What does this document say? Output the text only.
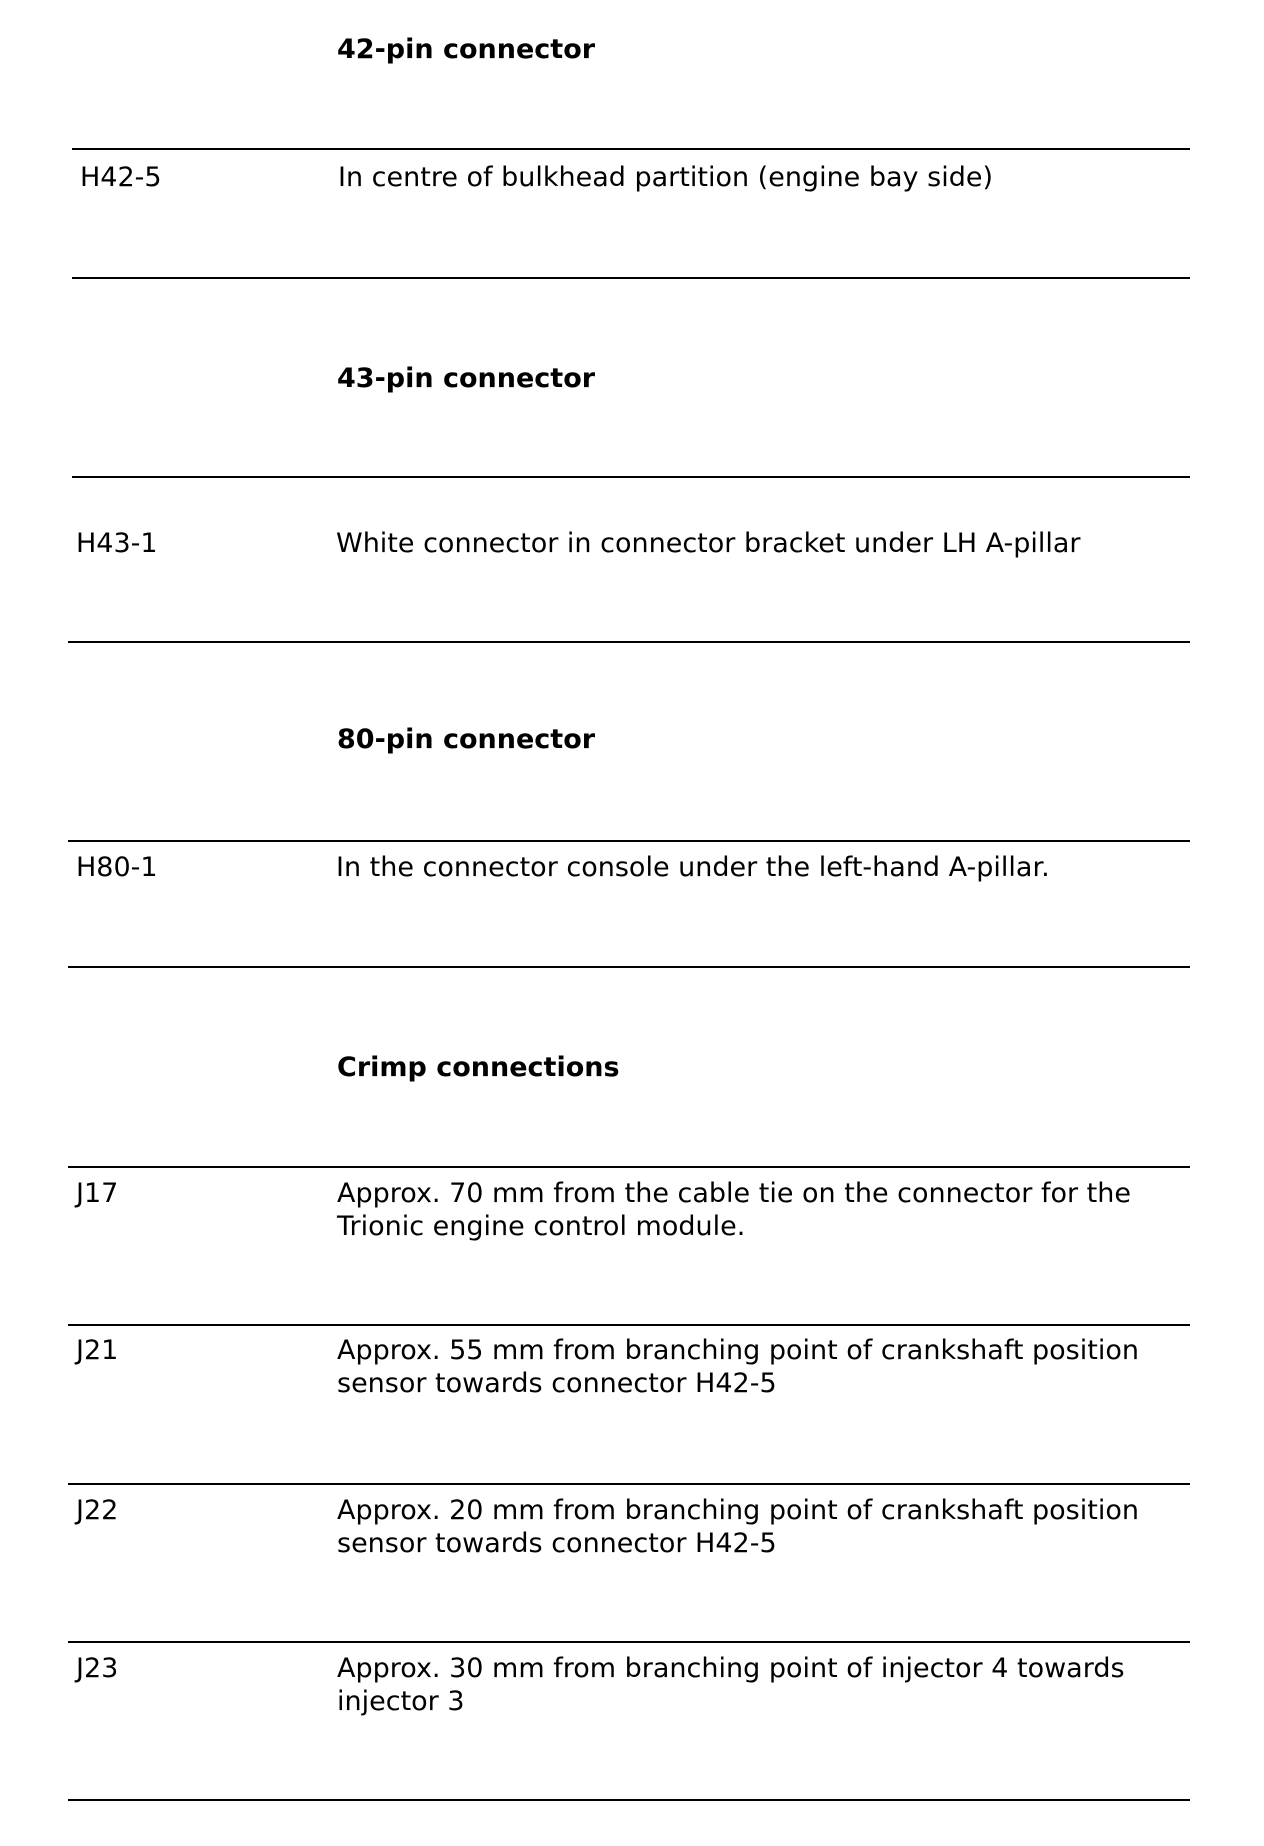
42-pin connector
H42-5	In centre of bulkhead partition (engine bay side)
43-pin connector
H43-1	White connector in connector bracket under LH A-pillar
80-pin connector
H80-1	In the connector console under the left-hand A-pillar.
Crimp connections
J17	Approx. 70 mm from the cable tie on the connector for the Trionic engine control module.
J21	Approx. 55 mm from branching point of crankshaft position sensor towards connector H42-5
J22	Approx. 20 mm from branching point of crankshaft position sensor towards connector H42-5
J23	Approx. 30 mm from branching point of injector 4 towards injector 3
